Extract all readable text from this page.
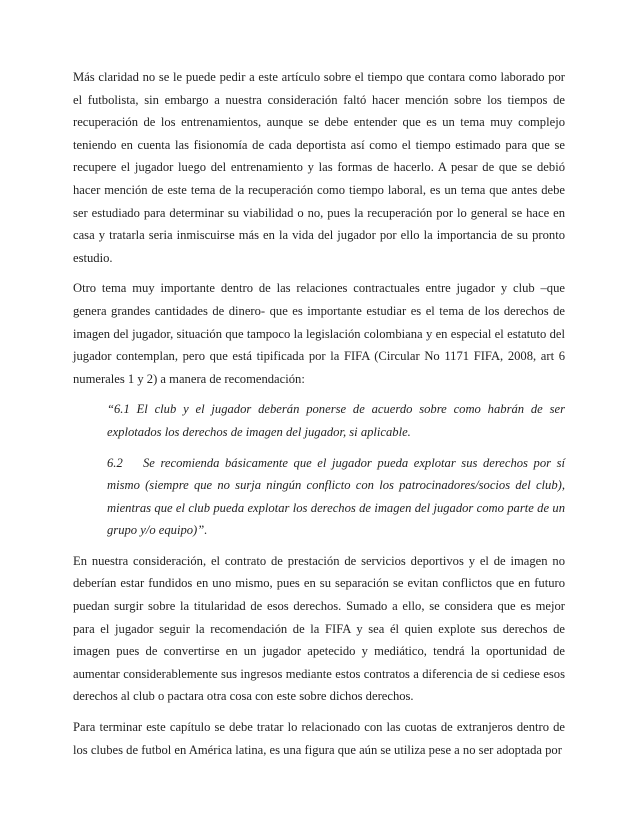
Más claridad no se le puede pedir a este artículo sobre el tiempo que contara como laborado por el futbolista, sin embargo a nuestra consideración faltó hacer mención sobre los tiempos de recuperación de los entrenamientos, aunque se debe entender que es un tema muy complejo teniendo en cuenta las fisionomía de cada deportista así como el tiempo estimado para que se recupere el jugador luego del entrenamiento y las formas de hacerlo. A pesar de que se debió hacer mención de este tema de la recuperación como tiempo laboral, es un tema que antes debe ser estudiado para determinar su viabilidad o no, pues la recuperación por lo general se hace en casa y tratarla seria inmiscuirse más en la vida del jugador por ello la importancia de su pronto estudio.

Otro tema muy importante dentro de las relaciones contractuales entre jugador y club –que genera grandes cantidades de dinero- que es importante estudiar es el tema de los derechos de imagen del jugador, situación que tampoco la legislación colombiana y en especial el estatuto del jugador contemplan, pero que está tipificada por la FIFA (Circular No 1171 FIFA, 2008, art 6 numerales 1 y 2) a manera de recomendación:

“6.1 El club y el jugador deberán ponerse de acuerdo sobre como habrán de ser explotados los derechos de imagen del jugador, si aplicable.
6.2 Se recomienda básicamente que el jugador pueda explotar sus derechos por sí mismo (siempre que no surja ningún conflicto con los patrocinadores/socios del club), mientras que el club pueda explotar los derechos de imagen del jugador como parte de un grupo y/o equipo)”.

En nuestra consideración, el contrato de prestación de servicios deportivos y el de imagen no deberían estar fundidos en uno mismo, pues en su separación se evitan conflictos que en futuro puedan surgir sobre la titularidad de esos derechos. Sumado a ello, se considera que es mejor para el jugador seguir la recomendación de la FIFA y sea él quien explote sus derechos de imagen pues de convertirse en un jugador apetecido y mediático, tendrá la oportunidad de aumentar considerablemente sus ingresos mediante estos contratos a diferencia de si cediese esos derechos al club o pactara otra cosa con este sobre dichos derechos.

Para terminar este capítulo se debe tratar lo relacionado con las cuotas de extranjeros dentro de los clubes de futbol en América latina, es una figura que aún se utiliza pese a no ser adoptada por
